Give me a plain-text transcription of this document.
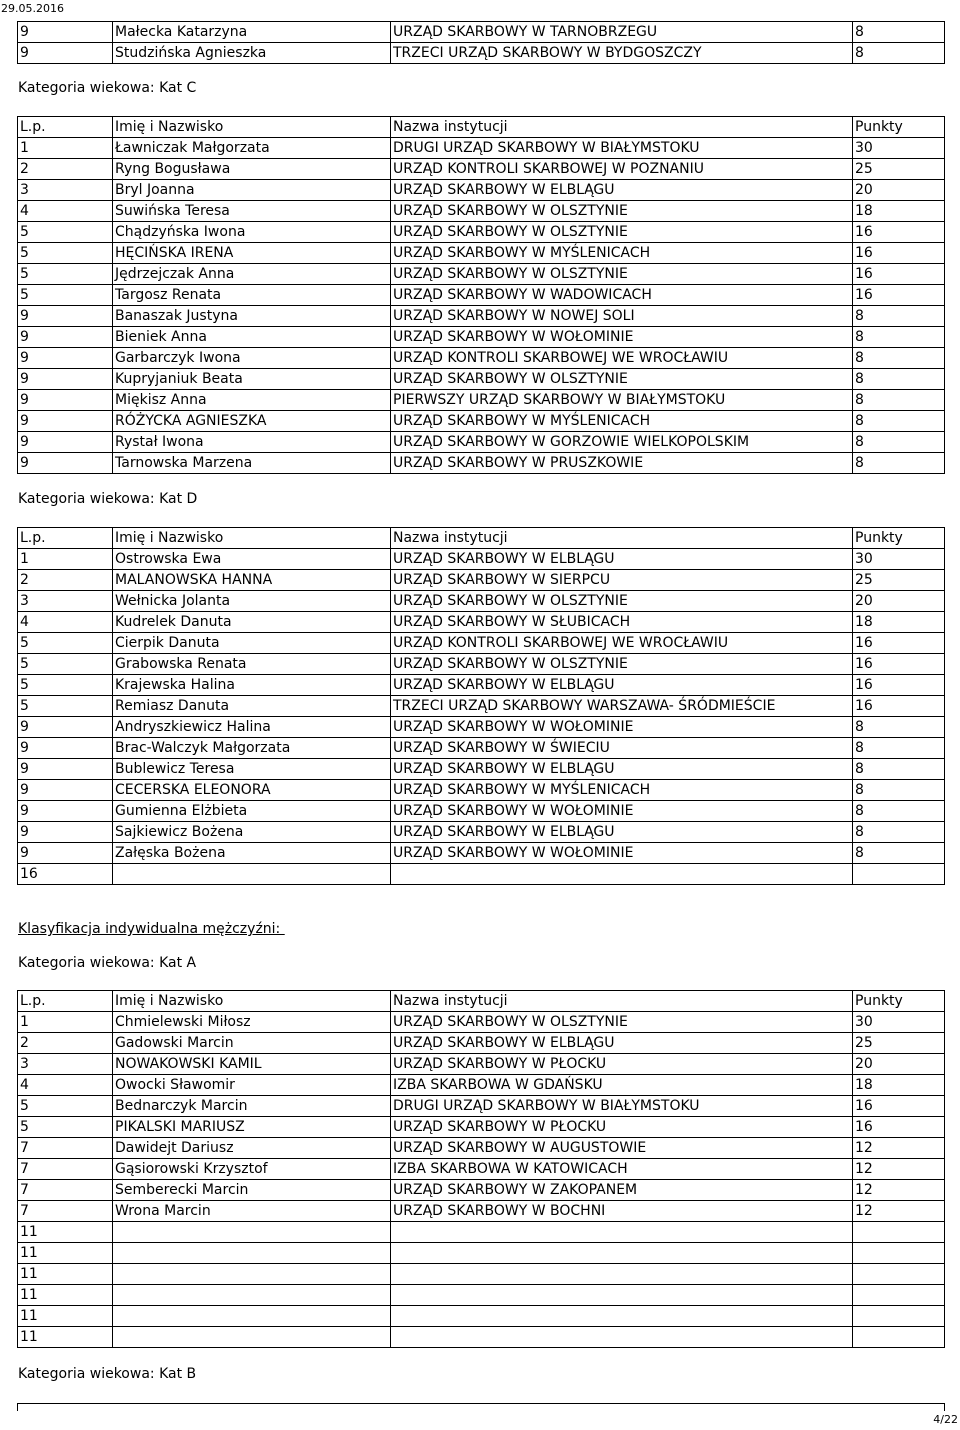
29.05.2016
9	Małecka Katarzyna	URZĄD SKARBOWY W TARNOBRZEGU	8
9	Studzińska Agnieszka	TRZECI URZĄD SKARBOWY W BYDGOSZCZY	8
Kategoria wiekowa: Kat C
L.p.	Imię i Nazwisko	Nazwa instytucji	Punkty
1	Ławniczak Małgorzata	DRUGI URZĄD SKARBOWY W BIAŁYMSTOKU	30
2	Ryng Bogusława	URZĄD KONTROLI SKARBOWEJ W POZNANIU	25
3	Bryl Joanna	URZĄD SKARBOWY W ELBLĄGU	20
4	Suwińska Teresa	URZĄD SKARBOWY W OLSZTYNIE	18
5	Chądzyńska Iwona	URZĄD SKARBOWY W OLSZTYNIE	16
5	HĘCIŃSKA IRENA	URZĄD SKARBOWY W MYŚLENICACH	16
5	Jędrzejczak Anna	URZĄD SKARBOWY W OLSZTYNIE	16
5	Targosz Renata	URZĄD SKARBOWY W WADOWICACH	16
9	Banaszak Justyna	URZĄD SKARBOWY W NOWEJ SOLI	8
9	Bieniek Anna	URZĄD SKARBOWY W WOŁOMINIE	8
9	Garbarczyk Iwona	URZĄD KONTROLI SKARBOWEJ WE WROCŁAWIU	8
9	Kupryjaniuk Beata	URZĄD SKARBOWY W OLSZTYNIE	8
9	Miękisz Anna	PIERWSZY URZĄD SKARBOWY W BIAŁYMSTOKU	8
9	RÓŻYCKA AGNIESZKA	URZĄD SKARBOWY W MYŚLENICACH	8
9	Rystał Iwona	URZĄD SKARBOWY W GORZOWIE WIELKOPOLSKIM	8
9	Tarnowska Marzena	URZĄD SKARBOWY W PRUSZKOWIE	8
Kategoria wiekowa: Kat D
L.p.	Imię i Nazwisko	Nazwa instytucji	Punkty
1	Ostrowska Ewa	URZĄD SKARBOWY W ELBLĄGU	30
2	MALANOWSKA HANNA	URZĄD SKARBOWY W SIERPCU	25
3	Wełnicka Jolanta	URZĄD SKARBOWY W OLSZTYNIE	20
4	Kudrelek Danuta	URZĄD SKARBOWY W SŁUBICACH	18
5	Cierpik Danuta	URZĄD KONTROLI SKARBOWEJ WE WROCŁAWIU	16
5	Grabowska Renata	URZĄD SKARBOWY W OLSZTYNIE	16
5	Krajewska Halina	URZĄD SKARBOWY W ELBLĄGU	16
5	Remiasz Danuta	TRZECI URZĄD SKARBOWY WARSZAWA- ŚRÓDMIEŚCIE	16
9	Andryszkiewicz Halina	URZĄD SKARBOWY W WOŁOMINIE	8
9	Brac-Walczyk Małgorzata	URZĄD SKARBOWY W ŚWIECIU	8
9	Bublewicz Teresa	URZĄD SKARBOWY W ELBLĄGU	8
9	CECERSKA ELEONORA	URZĄD SKARBOWY W MYŚLENICACH	8
9	Gumienna Elżbieta	URZĄD SKARBOWY W WOŁOMINIE	8
9	Sajkiewicz Bożena	URZĄD SKARBOWY W ELBLĄGU	8
9	Załęska Bożena	URZĄD SKARBOWY W WOŁOMINIE	8
16
Klasyfikacja indywidualna mężczyźni:
Kategoria wiekowa: Kat A
L.p.	Imię i Nazwisko	Nazwa instytucji	Punkty
1	Chmielewski Miłosz	URZĄD SKARBOWY W OLSZTYNIE	30
2	Gadowski Marcin	URZĄD SKARBOWY W ELBLĄGU	25
3	NOWAKOWSKI KAMIL	URZĄD SKARBOWY W PŁOCKU	20
4	Owocki Sławomir	IZBA SKARBOWA W GDAŃSKU	18
5	Bednarczyk Marcin	DRUGI URZĄD SKARBOWY W BIAŁYMSTOKU	16
5	PIKALSKI MARIUSZ	URZĄD SKARBOWY W PŁOCKU	16
7	Dawidejt Dariusz	URZĄD SKARBOWY W AUGUSTOWIE	12
7	Gąsiorowski Krzysztof	IZBA SKARBOWA W KATOWICACH	12
7	Semberecki Marcin	URZĄD SKARBOWY W ZAKOPANEM	12
7	Wrona Marcin	URZĄD SKARBOWY W BOCHNI	12
11
11
11
11
11
11
Kategoria wiekowa: Kat B
4/22
